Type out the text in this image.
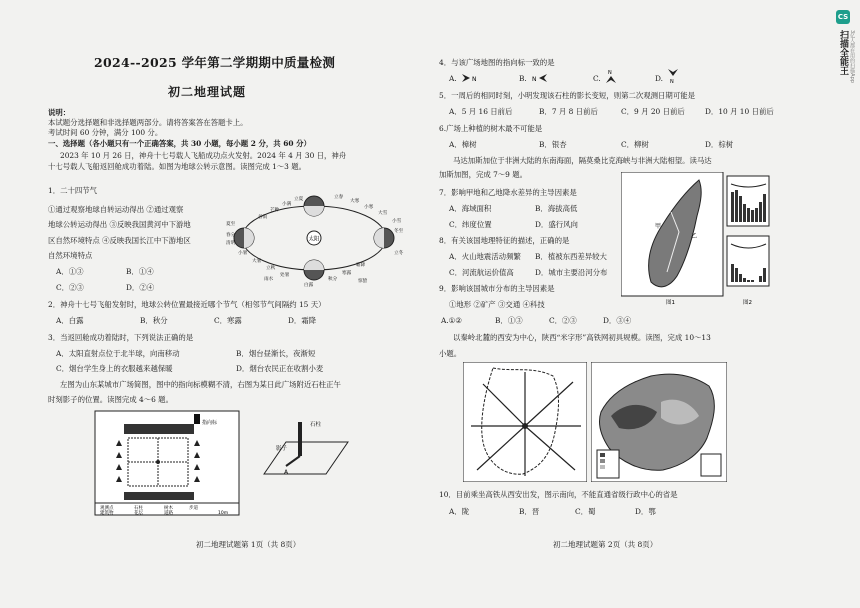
2024--2025 学年第二学期期中质量检测
初二地理试题
说明：
本试题分选择题和非选择题两部分。请将答案答在答题卡上。
考试时间 60 分钟，满分 100 分。
一、选择题（各小题只有一个正确答案，共 30 小题，每小题 2 分，共 60 分）
2023 年 10 月 26 日，神舟十七号载人飞船成功点火发射。2024 年 4 月 30 日，神舟
十七号载人飞船返回舱成功着陆。如图为地球公转示意图。读图完成 1～3 题。
1．二十四节气
①通过观察地球自转运动得出 ②通过观察
地球公转运动得出 ③反映我国黄河中下游地
区自然环境特点 ④反映我国长江中下游地区
自然环境特点
A．①③	B．①④
C．②③	D．②④
太阳
立夏
小满
芒种
夏至
小暑
大暑
立秋
处暑
白露
秋分
寒露
霜降
立冬
小雪
大雪
冬至
小寒
大寒
立春
雨水	惊蛰
春分
清明
谷雨
2．神舟十七号飞船发射时，地球公转位置最接近哪个节气（相邻节气间隔约 15 天）
A．白露	B．秋分	C．寒露	D．霜降
3．当返回舱成功着陆时，下列说法正确的是
A．太阳直射点位于北半球，向南移动	B．烟台昼渐长，夜渐短
C．烟台学生身上的衣服越来越保暖	D．烟台农民正在收割小麦
左图为山东某城市广场简图，图中的指向标模糊不清，右图为某日此广场附近石柱正午
时刻影子的位置。读图完成 4～6 题。
指向标
观测点	石柱	树木	步道
建筑物	花坛	道路	10m
石柱
影子
A
初二地理试题第 1页（共 8页）
4．与该广场地图的指向标一致的是
A.	N	B. N	C.
N
D. N
5．一周后的相同时刻，小明发现该石柱的影长变短，则第二次观测日期可能是
A．5 月 16 日前后	B．7 月 8 日前后	C．9 月 20 日前后	D．10 月 10 日前后
6.广场上种植的树木最不可能是
A．樟树	B．银杏	C．柳树	D．棕树
马达加斯加位于非洲大陆的东南海面，隔莫桑比克海峡与非洲大陆相望。读马达
加斯加图，完成 7～9 题。
7．影响甲地和乙地降水差异的主导因素是
A．海域面积	B．海拔高低
C．纬度位置	D．盛行风向
8．有关该国地理特征的描述，正确的是
A．火山地震活动频繁 B．植被东西差异较大
C．河流航运价值高	D．城市主要沿河分布
9．影响该国城市分布的主导因素是
①地形 ②矿产 ③交通 ④科技
A.①②	B．①③	C．②③	D．③④
甲
乙
图1	图2
以秦岭北麓的西安为中心，陕西“米字形”高铁网初具规模。读图，完成 10～13
小题。
10．目前乘坐高铁从西安出发，图示南向，不能直通省级行政中心的省是
A．陇	B．晋	C．蜀	D．鄂
初二地理试题第 2页（共 8页）
CS
扫描全能王 3亿人都在用的扫描App
